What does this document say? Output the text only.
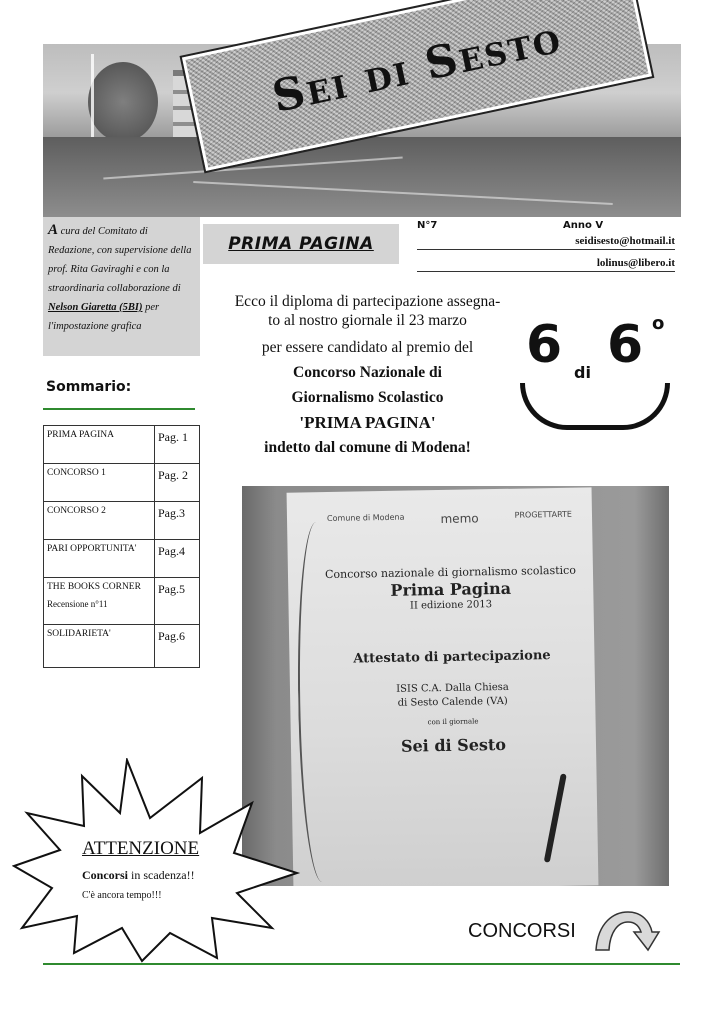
Sei di Sesto
A cura del Comitato di Redazione, con supervisione della prof. Rita Gaviraghi e con la straordinaria collaborazione di Nelson Giaretta (5BI) per l'impostazione grafica
PRIMA PAGINA
N°7	Anno V
seidisesto@hotmail.it
lolinus@libero.it
Sommario:
PRIMA PAGINA	Pag. 1
CONCORSO 1	Pag. 2
CONCORSO 2	Pag.3
PARI OPPORTUNITA'	Pag.4
THE BOOKS CORNER
Recensione n°11	Pag.5
SOLIDARIETA'	Pag.6
Ecco il diploma di partecipazione assegna-
to al nostro giornale il 23 marzo
per essere candidato al premio del
Concorso Nazionale di
Giornalismo Scolastico
'PRIMA PAGINA'
indetto dal comune di Modena!
6 di 6 o
Comune di Modena	memo	PROGETTARTE
Concorso nazionale di giornalismo scolastico
Prima Pagina
II edizione 2013
Attestato di partecipazione
ISIS C.A. Dalla Chiesa
di Sesto Calende (VA)
con il giornale
Sei di Sesto
ATTENZIONE
Concorsi in scadenza!!
C'è ancora tempo!!!
CONCORSI
